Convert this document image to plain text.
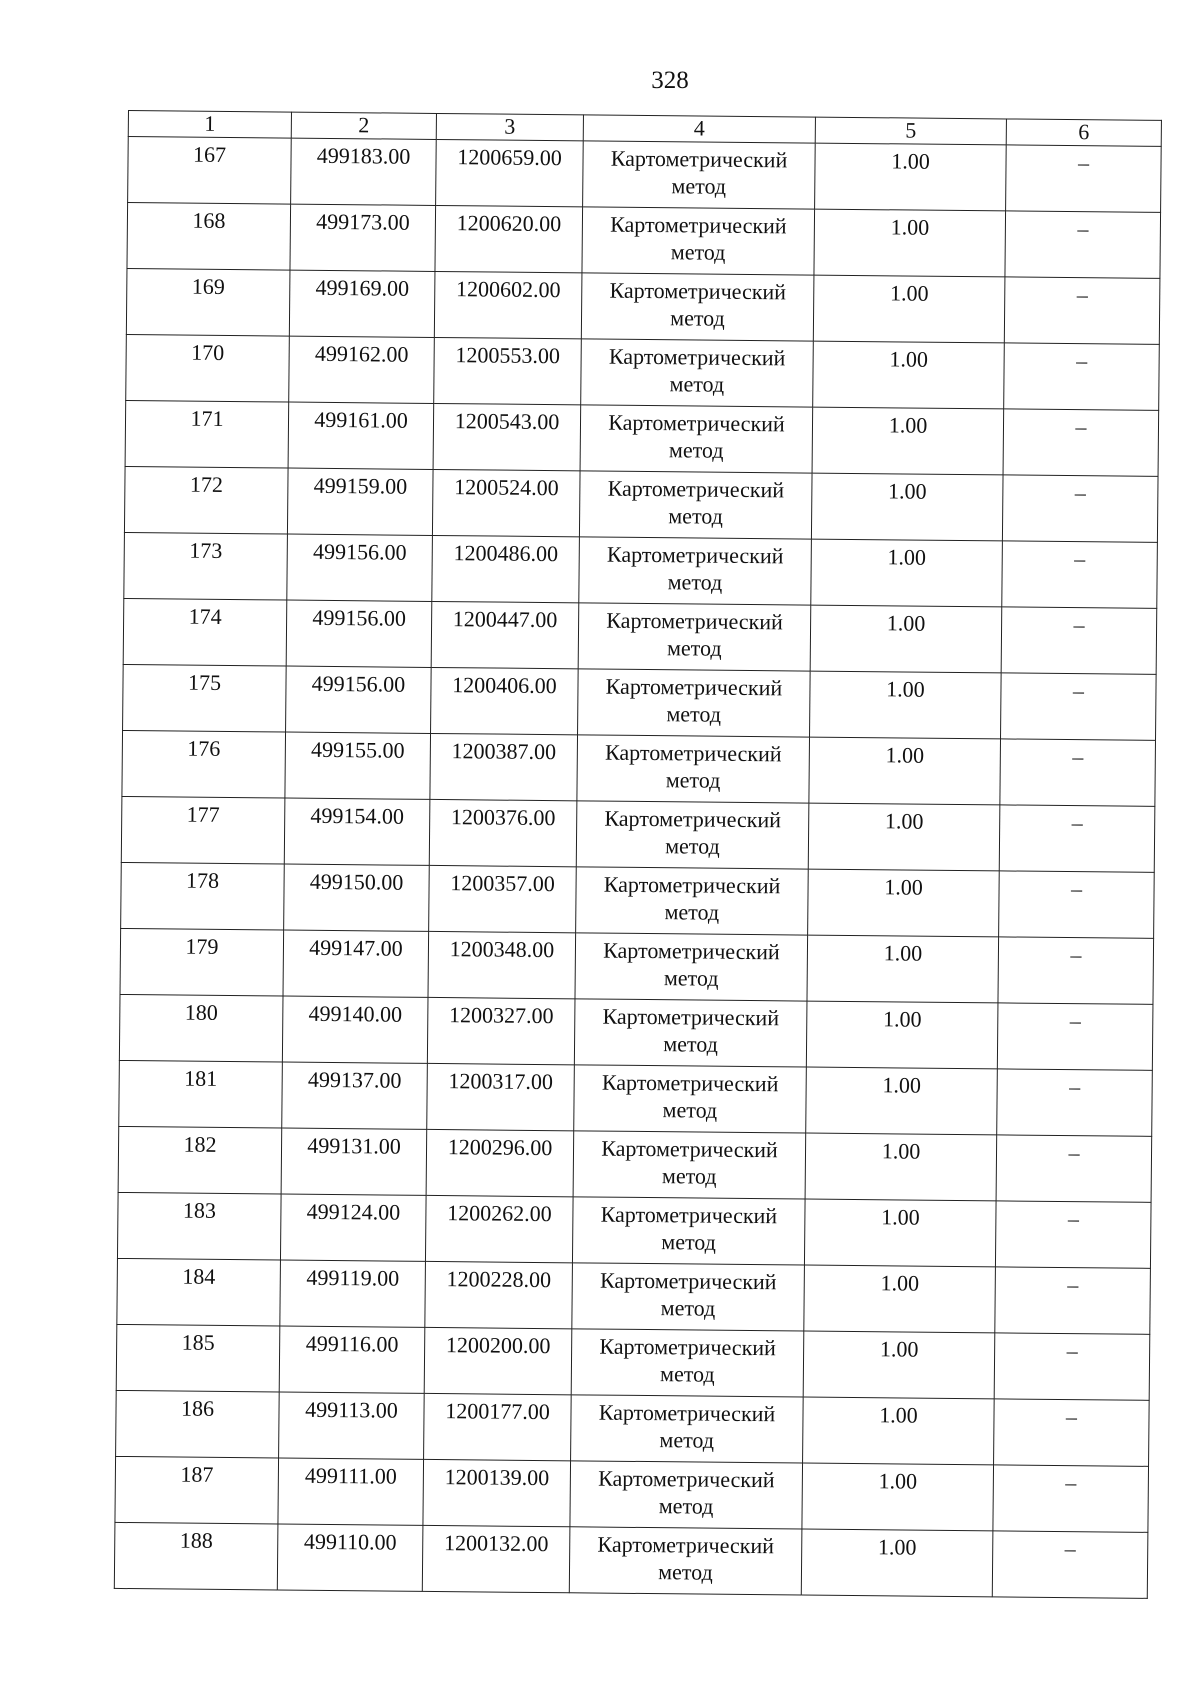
328
1	2	3	4	5	6
167	499183.00	1200659.00	Картометрический метод	1.00	–
168	499173.00	1200620.00	Картометрический метод	1.00	–
169	499169.00	1200602.00	Картометрический метод	1.00	–
170	499162.00	1200553.00	Картометрический метод	1.00	–
171	499161.00	1200543.00	Картометрический метод	1.00	–
172	499159.00	1200524.00	Картометрический метод	1.00	–
173	499156.00	1200486.00	Картометрический метод	1.00	–
174	499156.00	1200447.00	Картометрический метод	1.00	–
175	499156.00	1200406.00	Картометрический метод	1.00	–
176	499155.00	1200387.00	Картометрический метод	1.00	–
177	499154.00	1200376.00	Картометрический метод	1.00	–
178	499150.00	1200357.00	Картометрический метод	1.00	–
179	499147.00	1200348.00	Картометрический метод	1.00	–
180	499140.00	1200327.00	Картометрический метод	1.00	–
181	499137.00	1200317.00	Картометрический метод	1.00	–
182	499131.00	1200296.00	Картометрический метод	1.00	–
183	499124.00	1200262.00	Картометрический метод	1.00	–
184	499119.00	1200228.00	Картометрический метод	1.00	–
185	499116.00	1200200.00	Картометрический метод	1.00	–
186	499113.00	1200177.00	Картометрический метод	1.00	–
187	499111.00	1200139.00	Картометрический метод	1.00	–
188	499110.00	1200132.00	Картометрический метод	1.00	–
